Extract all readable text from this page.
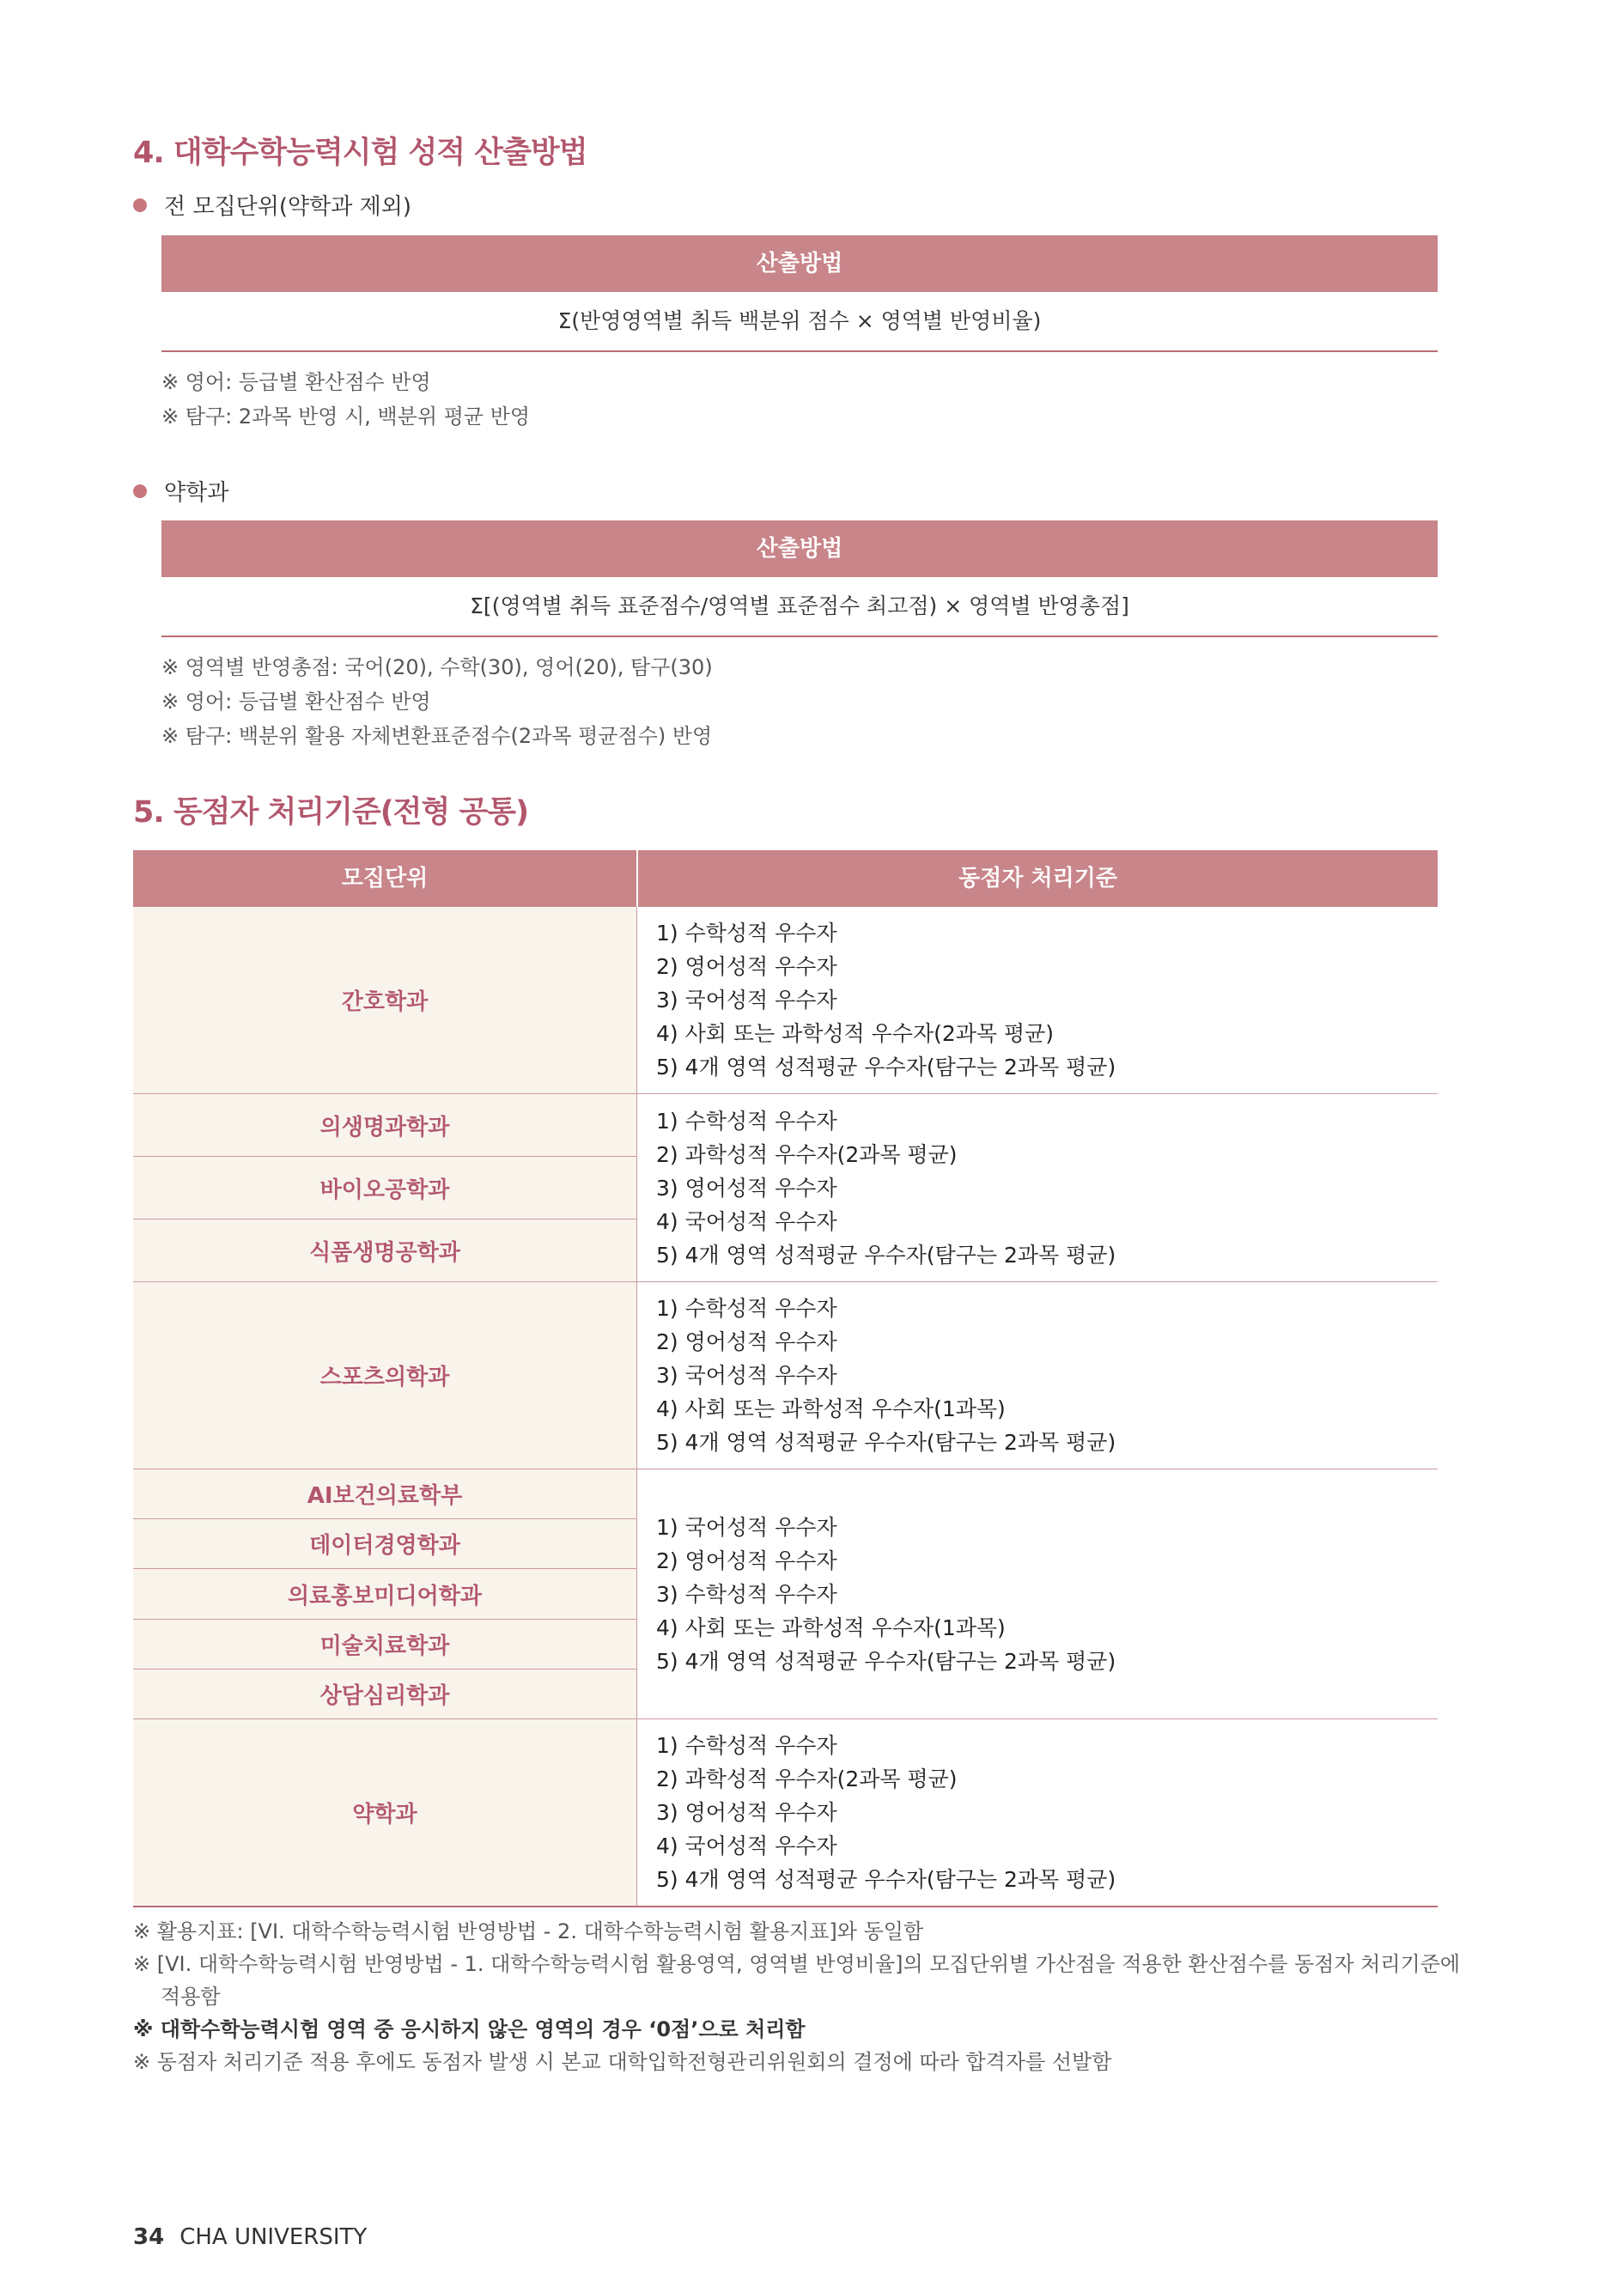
4. 대학수학능력시험 성적 산출방법
전 모집단위(약학과 제외)
산출방법
Σ(반영영역별 취득 백분위 점수 × 영역별 반영비율)
※ 영어: 등급별 환산점수 반영
※ 탐구: 2과목 반영 시, 백분위 평균 반영
약학과
산출방법
Σ[(영역별 취득 표준점수/영역별 표준점수 최고점) × 영역별 반영총점]
※ 영역별 반영총점: 국어(20), 수학(30), 영어(20), 탐구(30)
※ 영어: 등급별 환산점수 반영
※ 탐구: 백분위 활용 자체변환표준점수(2과목 평균점수) 반영
5. 동점자 처리기준(전형 공통)
모집단위	동점자 처리기준
간호학과
1) 수학성적 우수자
2) 영어성적 우수자
3) 국어성적 우수자
4) 사회 또는 과학성적 우수자(2과목 평균)
5) 4개 영역 성적평균 우수자(탐구는 2과목 평균)
의생명과학과
바이오공학과
식품생명공학과
1) 수학성적 우수자
2) 과학성적 우수자(2과목 평균)
3) 영어성적 우수자
4) 국어성적 우수자
5) 4개 영역 성적평균 우수자(탐구는 2과목 평균)
스포츠의학과
1) 수학성적 우수자
2) 영어성적 우수자
3) 국어성적 우수자
4) 사회 또는 과학성적 우수자(1과목)
5) 4개 영역 성적평균 우수자(탐구는 2과목 평균)
AI보건의료학부
데이터경영학과
의료홍보미디어학과
미술치료학과
상담심리학과
1) 국어성적 우수자
2) 영어성적 우수자
3) 수학성적 우수자
4) 사회 또는 과학성적 우수자(1과목)
5) 4개 영역 성적평균 우수자(탐구는 2과목 평균)
약학과
1) 수학성적 우수자
2) 과학성적 우수자(2과목 평균)
3) 영어성적 우수자
4) 국어성적 우수자
5) 4개 영역 성적평균 우수자(탐구는 2과목 평균)
※ 활용지표: [VI. 대학수학능력시험 반영방법 - 2. 대학수학능력시험 활용지표]와 동일함
※ [VI. 대학수학능력시험 반영방법 - 1. 대학수학능력시험 활용영역, 영역별 반영비율]의 모집단위별 가산점을 적용한 환산점수를 동점자 처리기준에 적용함
※ 대학수학능력시험 영역 중 응시하지 않은 영역의 경우 ‘0점’으로 처리함
※ 동점자 처리기준 적용 후에도 동점자 발생 시 본교 대학입학전형관리위원회의 결정에 따라 합격자를 선발함
34 CHA UNIVERSITY
